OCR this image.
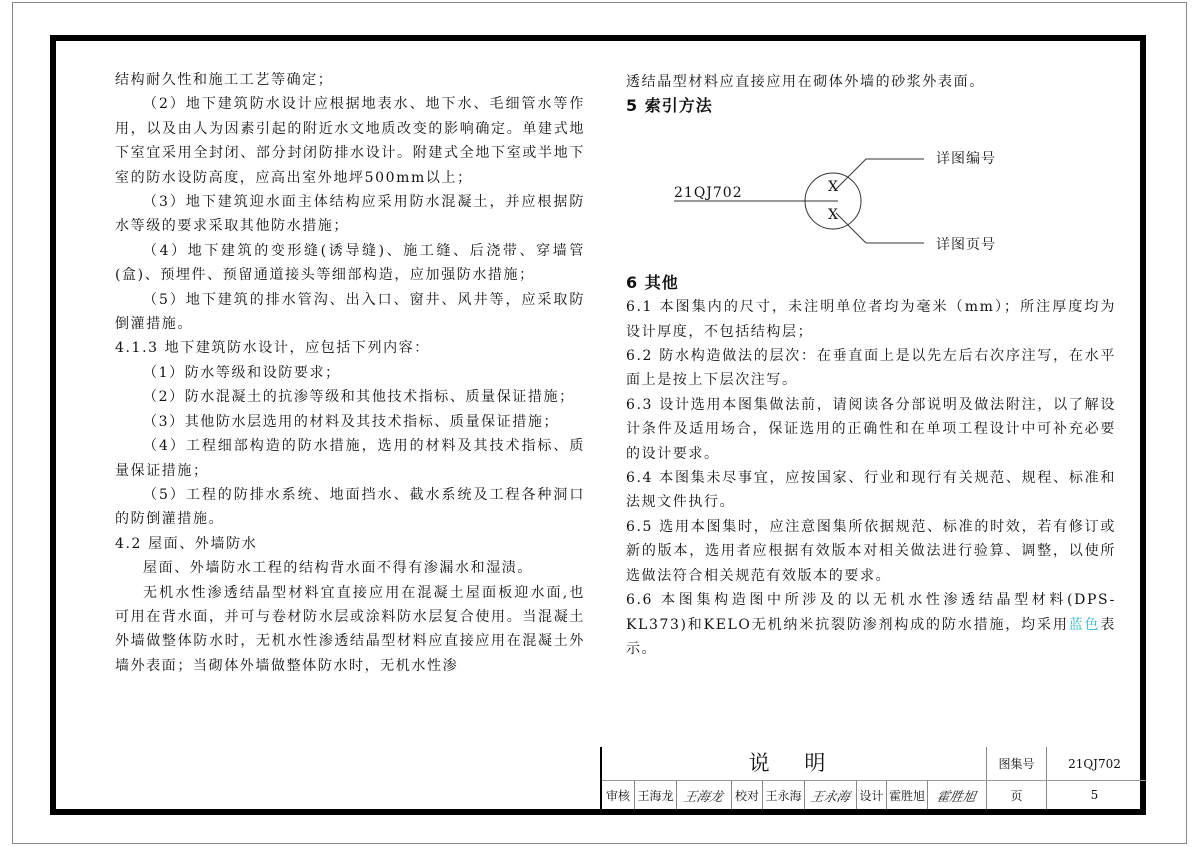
结构耐久性和施工工艺等确定；

（2）地下建筑防水设计应根据地表水、地下水、毛细管水等作用，以及由人为因素引起的附近水文地质改变的影响确定。单建式地下室宜采用全封闭、部分封闭防排水设计。附建式全地下室或半地下室的防水设防高度，应高出室外地坪500mm以上；

（3）地下建筑迎水面主体结构应采用防水混凝土，并应根据防水等级的要求采取其他防水措施；

（4）地下建筑的变形缝(诱导缝)、施工缝、后浇带、穿墙管(盒)、预埋件、预留通道接头等细部构造，应加强防水措施；

（5）地下建筑的排水管沟、出入口、窗井、风井等，应采取防倒灌措施。

4.1.3 地下建筑防水设计，应包括下列内容：

（1）防水等级和设防要求；

（2）防水混凝土的抗渗等级和其他技术指标、质量保证措施；

（3）其他防水层选用的材料及其技术指标、质量保证措施；

（4）工程细部构造的防水措施，选用的材料及其技术指标、质量保证措施；

（5）工程的防排水系统、地面挡水、截水系统及工程各种洞口的防倒灌措施。

4.2 屋面、外墙防水

屋面、外墙防水工程的结构背水面不得有渗漏水和湿渍。

无机水性渗透结晶型材料宜直接应用在混凝土屋面板迎水面,也可用在背水面，并可与卷材防水层或涂料防水层复合使用。当混凝土外墙做整体防水时，无机水性渗透结晶型材料应直接应用在混凝土外墙外表面；当砌体外墙做整体防水时，无机水性渗

透结晶型材料应直接应用在砌体外墙的砂浆外表面。

5 索引方法

21QJ702	X
X
详图编号
详图页号

6 其他

6.1 本图集内的尺寸，未注明单位者均为毫米（mm）；所注厚度均为设计厚度，不包括结构层；

6.2 防水构造做法的层次：在垂直面上是以先左后右次序注写，在水平面上是按上下层次注写。

6.3 设计选用本图集做法前，请阅读各分部说明及做法附注，以了解设计条件及适用场合，保证选用的正确性和在单项工程设计中可补充必要的设计要求。

6.4 本图集未尽事宜，应按国家、行业和现行有关规范、规程、标准和法规文件执行。

6.5 选用本图集时，应注意图集所依据规范、标准的时效，若有修订或新的版本，选用者应根据有效版本对相关做法进行验算、调整，以使所选做法符合相关规范有效版本的要求。

6.6 本图集构造图中所涉及的以无机水性渗透结晶型材料(DPS-KL373)和KELO无机纳米抗裂防渗剂构成的防水措施，均采用蓝色表示。

说 明	图集号	21QJ702
审核 王海龙 王海龙 校对 王永海 王永海 设计 霍胜旭 霍胜旭	页	5
